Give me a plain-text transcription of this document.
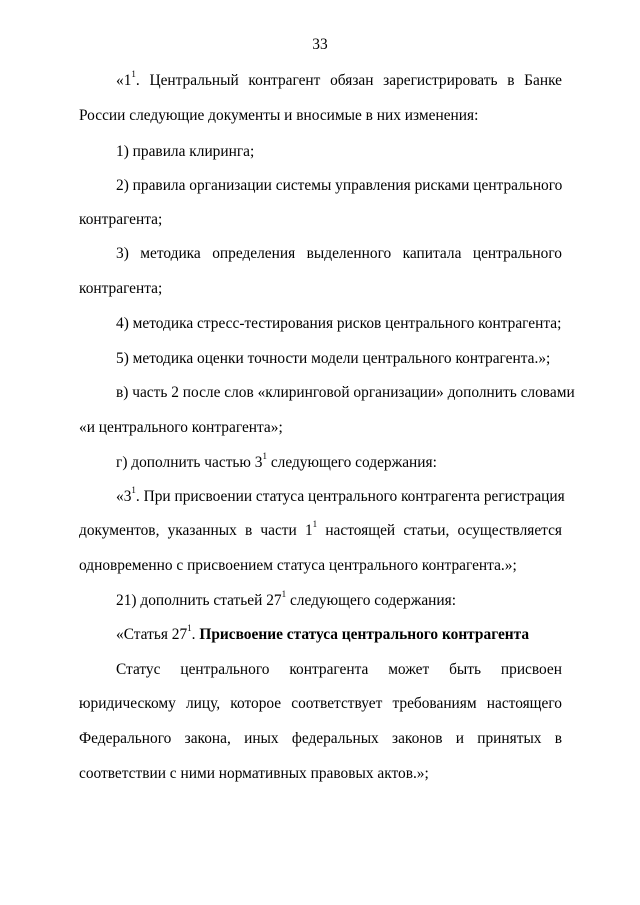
33
«$1^1$. Центральный контрагент обязан зарегистрировать в Банке
России следующие документы и вносимые в них изменения:
1) правила клиринга;
2) правила организации системы управления рисками центрального
контрагента;
3) методика определения выделенного капитала центрального
контрагента;
4) методика стресс-тестирования рисков центрального контрагента;
5) методика оценки точности модели центрального контрагента.»;
в) часть 2 после слов «клиринговой организации» дополнить словами
«и центрального контрагента»;
г) дополнить частью $3^1$ следующего содержания:
«$3^1$. При присвоении статуса центрального контрагента регистрация
документов, указанных в части $1^1$ настоящей статьи, осуществляется
одновременно с присвоением статуса центрального контрагента.»;
21) дополнить статьей $27^1$ следующего содержания:
«Статья $27^1$. Присвоение статуса центрального контрагента
Статус центрального контрагента может быть присвоен
юридическому лицу, которое соответствует требованиям настоящего
Федерального закона, иных федеральных законов и принятых в
соответствии с ними нормативных правовых актов.»;
